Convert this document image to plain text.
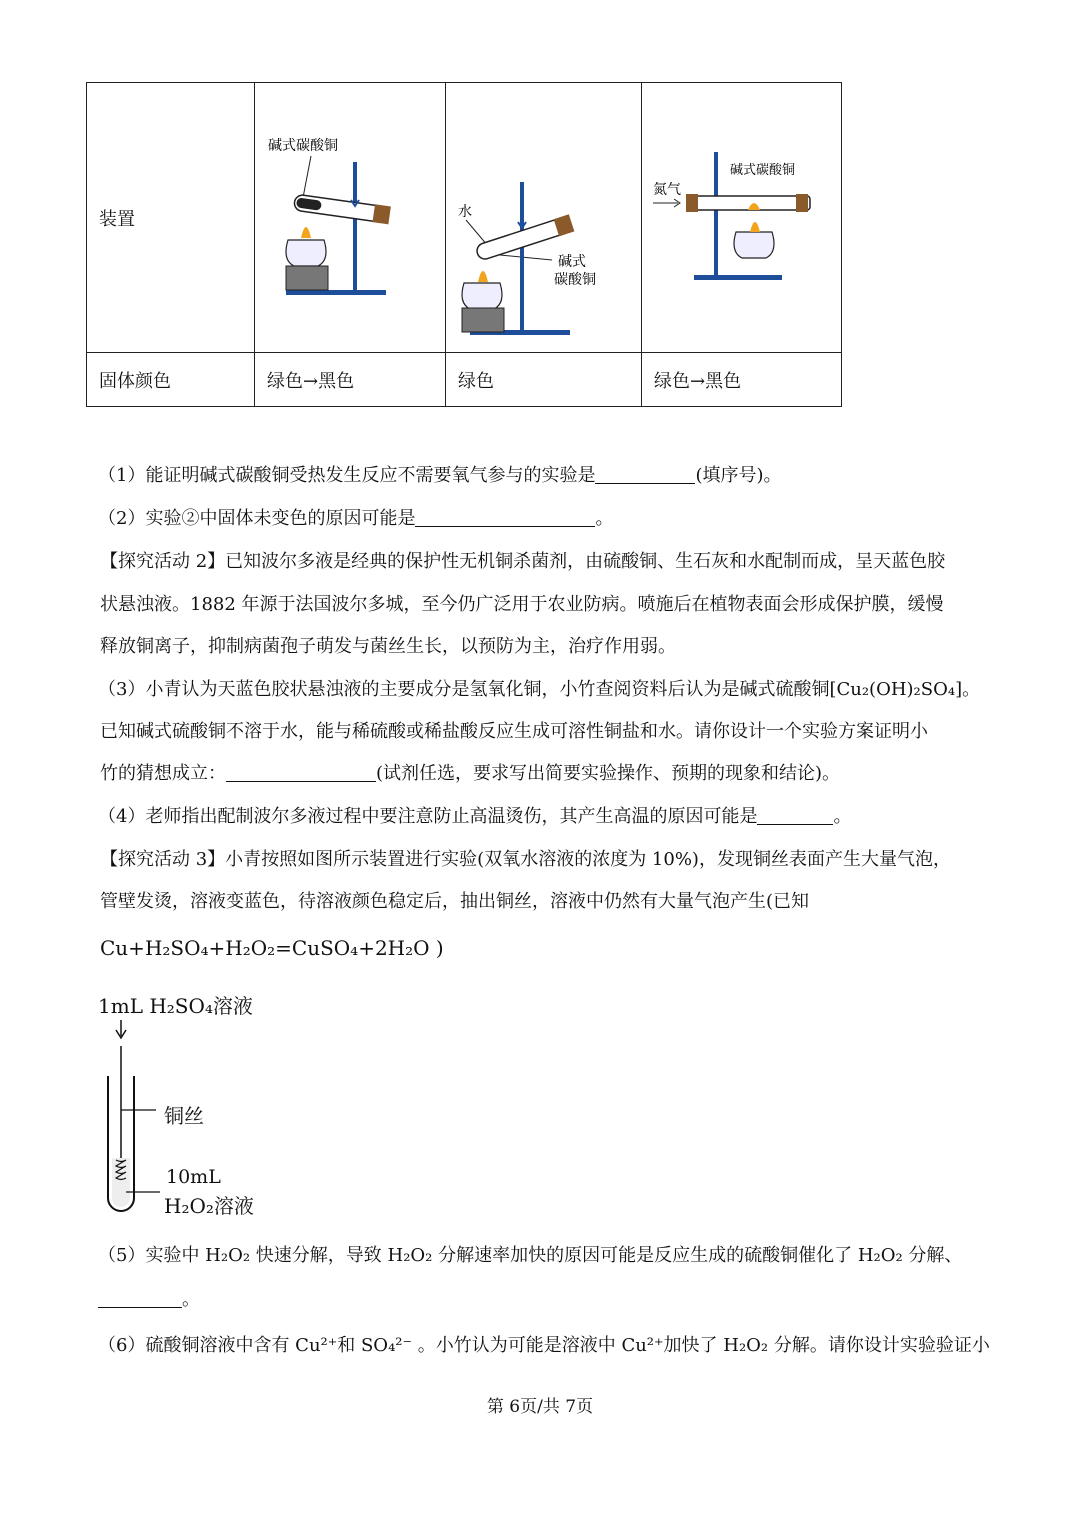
装置			
固体颜色	绿色→黑色	绿色	绿色→黑色
碱式碳酸铜
水
碱式
碳酸铜
碱式碳酸铜
氮气
（1）能证明碱式碳酸铜受热发生反应不需要氧气参与的实验是	(填序号)。
（2）实验②中固体未变色的原因可能是	。
【探究活动 2】已知波尔多液是经典的保护性无机铜杀菌剂，由硫酸铜、生石灰和水配制而成，呈天蓝色胶
状悬浊液。1882 年源于法国波尔多城，至今仍广泛用于农业防病。喷施后在植物表面会形成保护膜，缓慢
释放铜离子，抑制病菌孢子萌发与菌丝生长，以预防为主，治疗作用弱。
（3）小青认为天蓝色胶状悬浊液的主要成分是氢氧化铜，小竹查阅资料后认为是碱式硫酸铜[Cu₂(OH)₂SO₄]。
已知碱式硫酸铜不溶于水，能与稀硫酸或稀盐酸反应生成可溶性铜盐和水。请你设计一个实验方案证明小
竹的猜想成立：	(试剂任选，要求写出简要实验操作、预期的现象和结论)。
（4）老师指出配制波尔多液过程中要注意防止高温烫伤，其产生高温的原因可能是	。
【探究活动 3】小青按照如图所示装置进行实验(双氧水溶液的浓度为 10%)，发现铜丝表面产生大量气泡，
管壁发烫，溶液变蓝色，待溶液颜色稳定后，抽出铜丝，溶液中仍然有大量气泡产生(已知
Cu+H₂SO₄+H₂O₂=CuSO₄+2H₂O )
1mL H₂SO₄溶液
铜丝
10mL
H₂O₂溶液
（5）实验中 H₂O₂ 快速分解，导致 H₂O₂ 分解速率加快的原因可能是反应生成的硫酸铜催化了 H₂O₂ 分解、
。
（6）硫酸铜溶液中含有 Cu²⁺和 SO₄²⁻ 。小竹认为可能是溶液中 Cu²⁺加快了 H₂O₂ 分解。请你设计实验验证小
第 6页/共 7页
